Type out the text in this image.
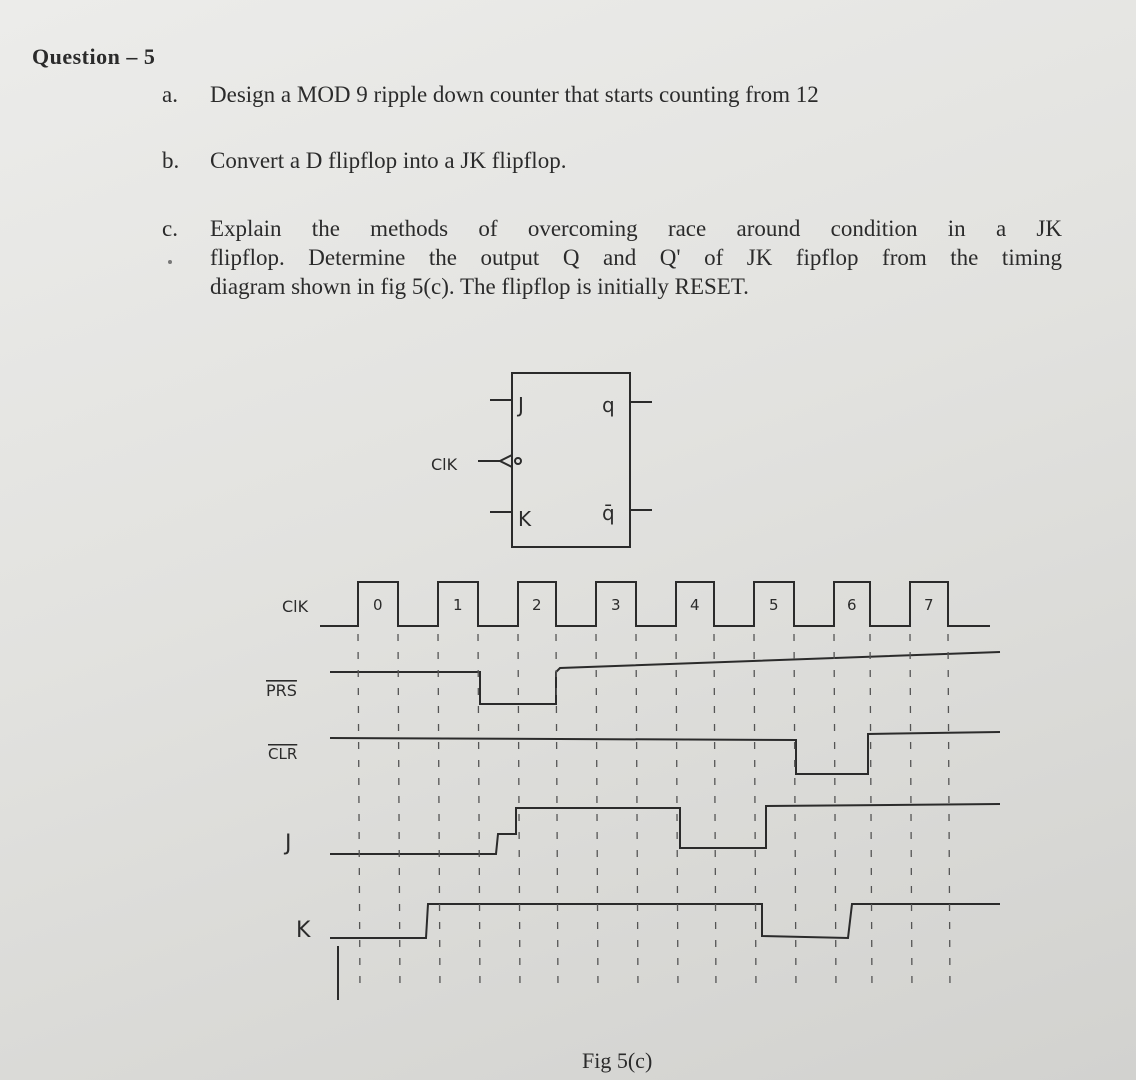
Question – 5
a. Design a MOD 9 ripple down counter that starts counting from 12
b. Convert a D flipflop into a JK flipflop.
c. Explain the methods of overcoming race around condition in a JK
flipflop. Determine the output Q and Q' of JK fipflop from the timing
diagram shown in fig 5(c). The flipflop is initially RESET.
J
K
q
q̄
ClK
ClK
PRS
CLR
J
K
0	1	2	3	4	5	6	7
Fig 5(c)
